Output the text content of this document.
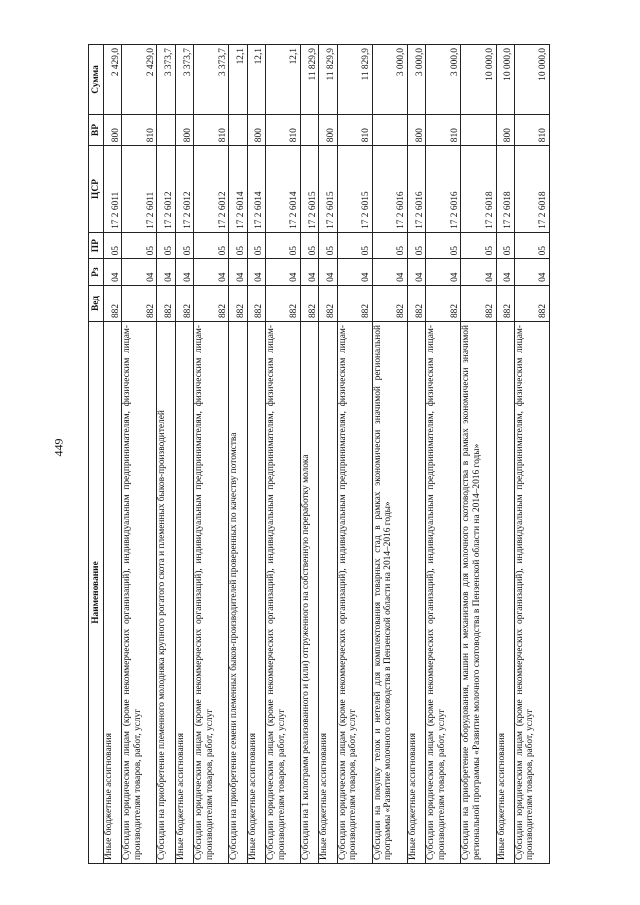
449
Наименование	Вед	Рз	ПР	ЦСР	ВР	Сумма
Иные бюджетные ассигнования	882	04	05	17 2 6011	800	2 429,0
Субсидии юридическим лицам (кроме некоммерческих организаций), индивидуальным предпринимателям, физическим лицам-производителям товаров, работ, услуг	882	04	05	17 2 6011	810	2 429,0
Субсидии на приобретение племенного молодняка крупного рогатого скота и племенных быков-производителей	882	04	05	17 2 6012		3 373,7
Иные бюджетные ассигнования	882	04	05	17 2 6012	800	3 373,7
Субсидии юридическим лицам (кроме некоммерческих организаций), индивидуальным предпринимателям, физическим лицам-производителям товаров, работ, услуг	882	04	05	17 2 6012	810	3 373,7
Субсидии на приобретение семени племенных быков-производителей проверенных по качеству потомства	882	04	05	17 2 6014		12,1
Иные бюджетные ассигнования	882	04	05	17 2 6014	800	12,1
Субсидии юридическим лицам (кроме некоммерческих организаций), индивидуальным предпринимателям, физическим лицам-производителям товаров, работ, услуг	882	04	05	17 2 6014	810	12,1
Субсидии на 1 килограмм реализованного и (или) отгруженного на собственную переработку молока	882	04	05	17 2 6015		11 829,9
Иные бюджетные ассигнования	882	04	05	17 2 6015	800	11 829,9
Субсидии юридическим лицам (кроме некоммерческих организаций), индивидуальным предпринимателям, физическим лицам-производителям товаров, работ, услуг	882	04	05	17 2 6015	810	11 829,9
Субсидии на покупку телок и нетелей для комплектования товарных стад в рамках экономически значимой региональной программы «Развитие молочного скотоводства в Пензенской области на 2014–2016 годы»	882	04	05	17 2 6016		3 000,0
Иные бюджетные ассигнования	882	04	05	17 2 6016	800	3 000,0
Субсидии юридическим лицам (кроме некоммерческих организаций), индивидуальным предпринимателям, физическим лицам-производителям товаров, работ, услуг	882	04	05	17 2 6016	810	3 000,0
Субсидии на приобретение оборудования, машин и механизмов для молочного скотоводства в рамках экономически значимой региональной программы «Развитие молочного скотоводства в Пензенской области на 2014–2016 годы»	882	04	05	17 2 6018		10 000,0
Иные бюджетные ассигнования	882	04	05	17 2 6018	800	10 000,0
Субсидии юридическим лицам (кроме некоммерческих организаций), индивидуальным предпринимателям, физическим лицам-производителям товаров, работ, услуг	882	04	05	17 2 6018	810	10 000,0
